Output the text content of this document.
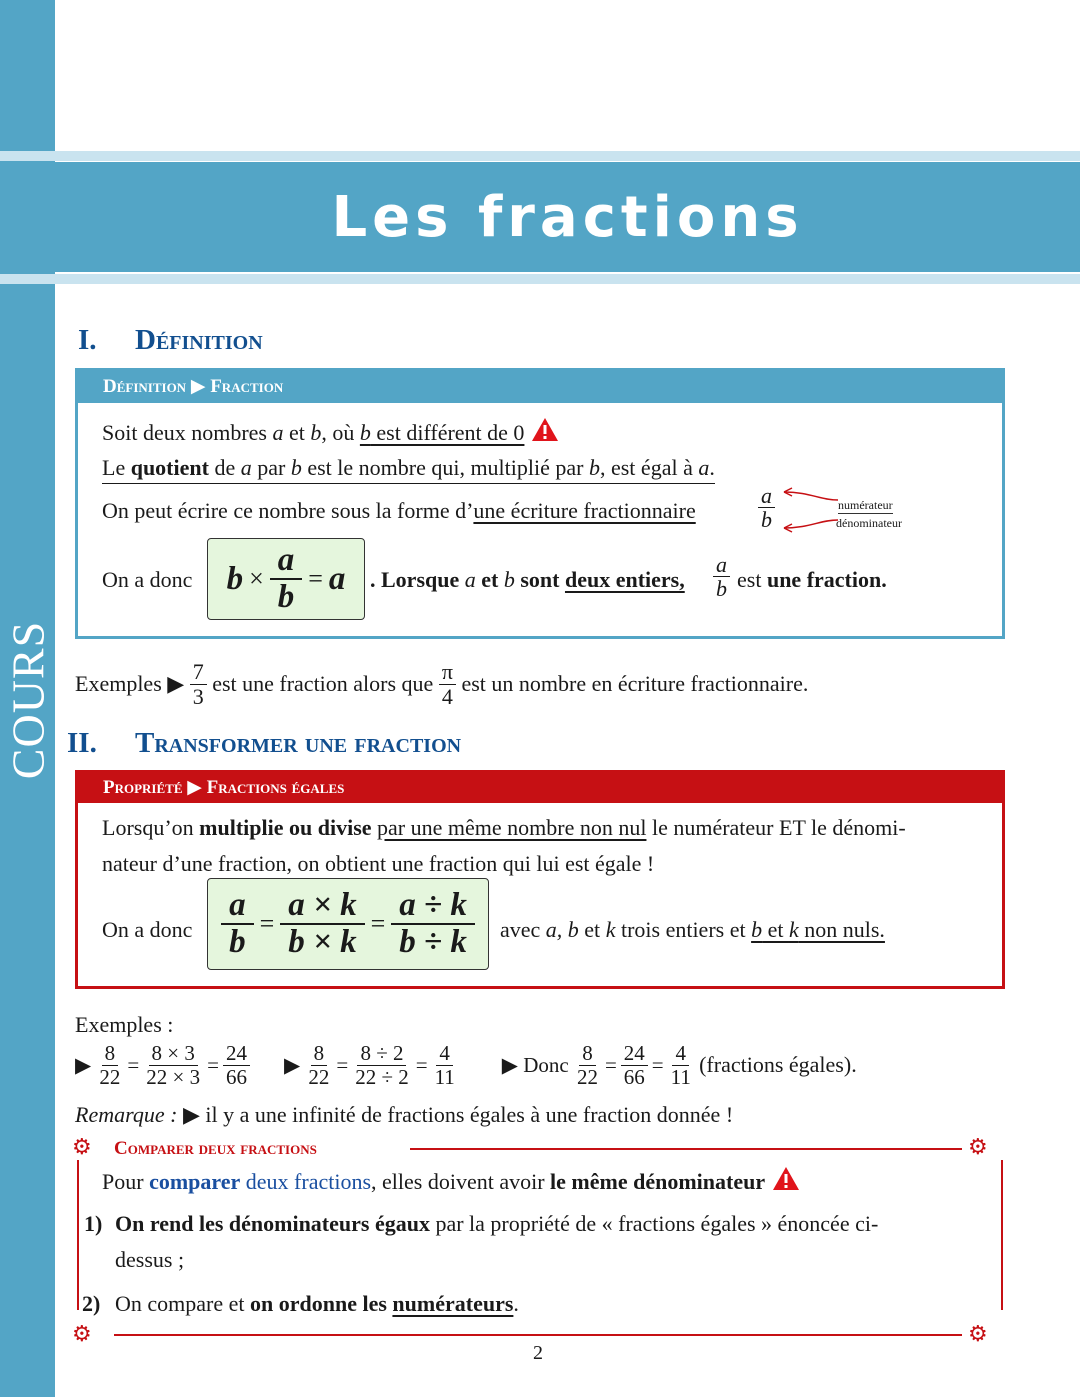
COURS
Les fractions
I. Définition
Définition ▶ Fraction
Soit deux nombres a et b, où b est différent de 0
Le quotient de a par b est le nombre qui, multiplié par b, est égal à a.
On peut écrire ce nombre sous la forme d’une écriture fractionnaire	$\frac{a}{b}$	numérateur
dénominateur
On a donc $b \times \frac{a}{b} = a$ . Lorsque a et b sont deux entiers, $\frac{a}{b}$ est une fraction.
Exemples ▶
$\frac{7}{3}$
est une fraction alors que
$\frac{\pi}{4}$
est un nombre en écriture fractionnaire.
II. Transformer une fraction
Propriété ▶ Fractions égales
Lorsqu’on multiplie ou divise par une même nombre non nul le numérateur ET le dénomi-
nateur d’une fraction, on obtient une fraction qui lui est égale !
On a donc $\frac{a}{b} = \frac{a \times k}{b \times k} = \frac{a \div k}{b \div k}$ avec a, b et k trois entiers et b et k non nuls.
Exemples :
▶
$\frac{8}{22} = \frac{8 \times 3}{22 \times 3} = \frac{24}{66}$ ▶
$\frac{8}{22} = \frac{8 \div 2}{22 \div 2} = \frac{4}{11}$ ▶ Donc
$\frac{8}{22} = \frac{24}{66} = \frac{4}{11}$
(fractions égales).
Remarque : ▶ il y a une infinité de fractions égales à une fraction donnée !
⚙ Comparer deux fractions	⚙
Pour comparer deux fractions, elles doivent avoir le même dénominateur
1) On rend les dénominateurs égaux par la propriété de « fractions égales » énoncée ci-
dessus ;
2) On compare et on ordonne les numérateurs.
⚙	⚙
2
